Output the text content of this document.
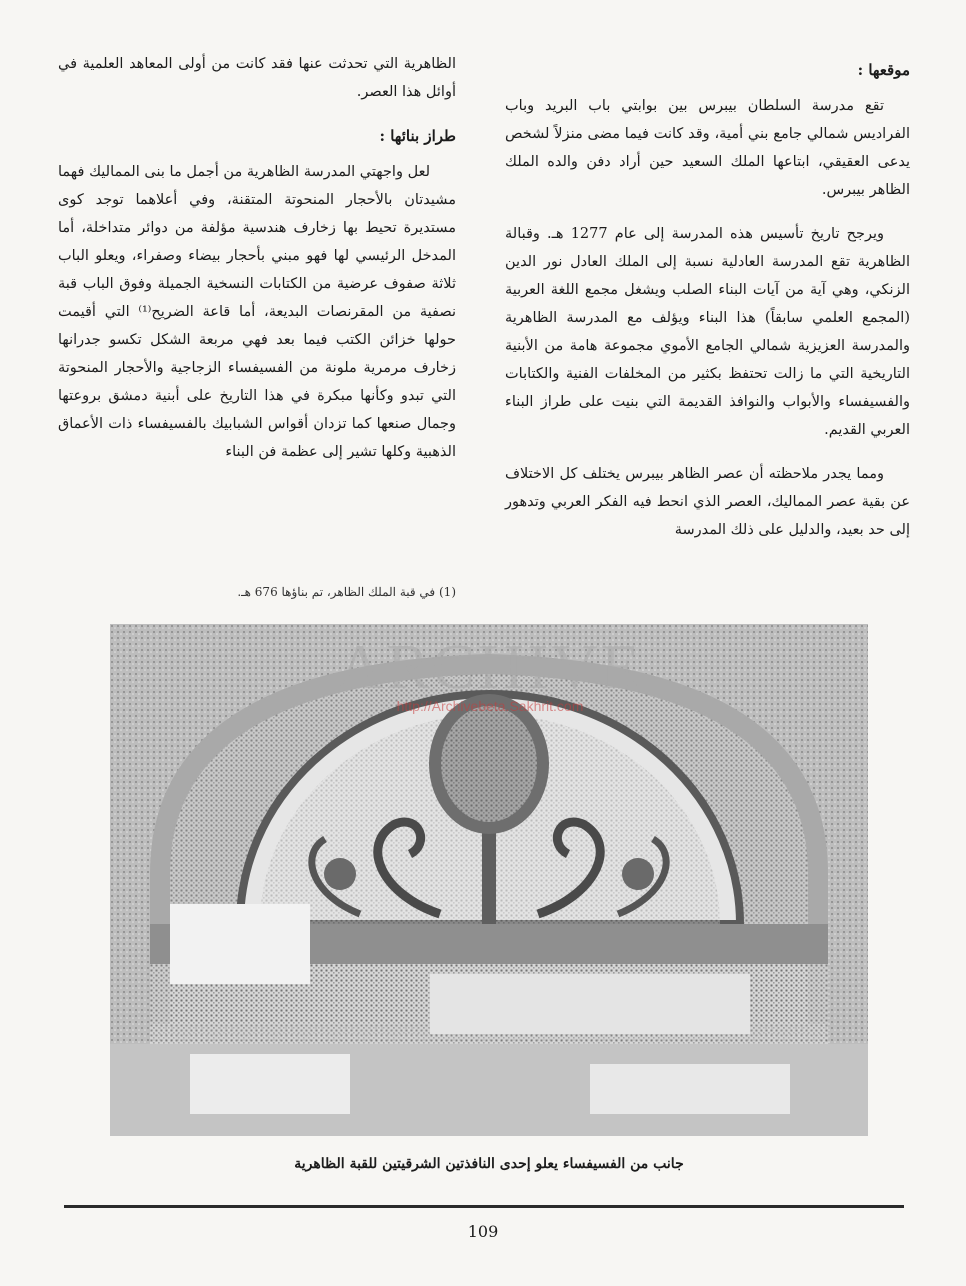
موقعها :

تقع مدرسة السلطان بيبرس بين بوابتي باب البريد وباب الفراديس شمالي جامع بني أمية، وقد كانت فيما مضى منزلاً لشخص يدعى العقيقي، ابتاعها الملك السعيد حين أراد دفن والده الملك الظاهر بيبرس.

ويرجح تاريخ تأسيس هذه المدرسة إلى عام 1277 هـ. وقبالة الظاهرية تقع المدرسة العادلية نسبة إلى الملك العادل نور الدين الزنكي، وهي آية من آيات البناء الصلب ويشغل مجمع اللغة العربية (المجمع العلمي سابقاً) هذا البناء ويؤلف مع المدرسة الظاهرية والمدرسة العزيزية شمالي الجامع الأموي مجموعة هامة من الأبنية التاريخية التي ما زالت تحتفظ بكثير من المخلفات الفنية والكتابات والفسيفساء والأبواب والنوافذ القديمة التي بنيت على طراز البناء العربي القديم.

ومما يجدر ملاحظته أن عصر الظاهر بيبرس يختلف كل الاختلاف عن بقية عصر المماليك، العصر الذي انحط فيه الفكر العربي وتدهور إلى حد بعيد، والدليل على ذلك المدرسة

الظاهرية التي تحدثت عنها فقد كانت من أولى المعاهد العلمية في أوائل هذا العصر.

طراز بنائها :

لعل واجهتي المدرسة الظاهرية من أجمل ما بنى المماليك فهما مشيدتان بالأحجار المنحوتة المتقنة، وفي أعلاهما توجد كوى مستديرة تحيط بها زخارف هندسية مؤلفة من دوائر متداخلة، أما المدخل الرئيسي لها فهو مبني بأحجار بيضاء وصفراء، ويعلو الباب ثلاثة صفوف عرضية من الكتابات النسخية الجميلة وفوق الباب قبة نصفية من المقرنصات البديعة، أما قاعة الضريح⁽¹⁾ التي أقيمت حولها خزائن الكتب فيما بعد فهي مربعة الشكل تكسو جدرانها زخارف مرمرية ملونة من الفسيفساء الزجاجية والأحجار المنحوتة التي تبدو وكأنها مبكرة في هذا التاريخ على أبنية دمشق بروعتها وجمال صنعها كما تزدان أقواس الشبابيك بالفسيفساء ذات الأعماق الذهبية وكلها تشير إلى عظمة فن البناء

(1) في قبة الملك الظاهر، تم بناؤها 676 هـ.
ARCHIVE
http://Archivebeta.Sakhrit.com
جانب من الفسيفساء يعلو إحدى النافذتين الشرقيتين للقبة الظاهرية
109
